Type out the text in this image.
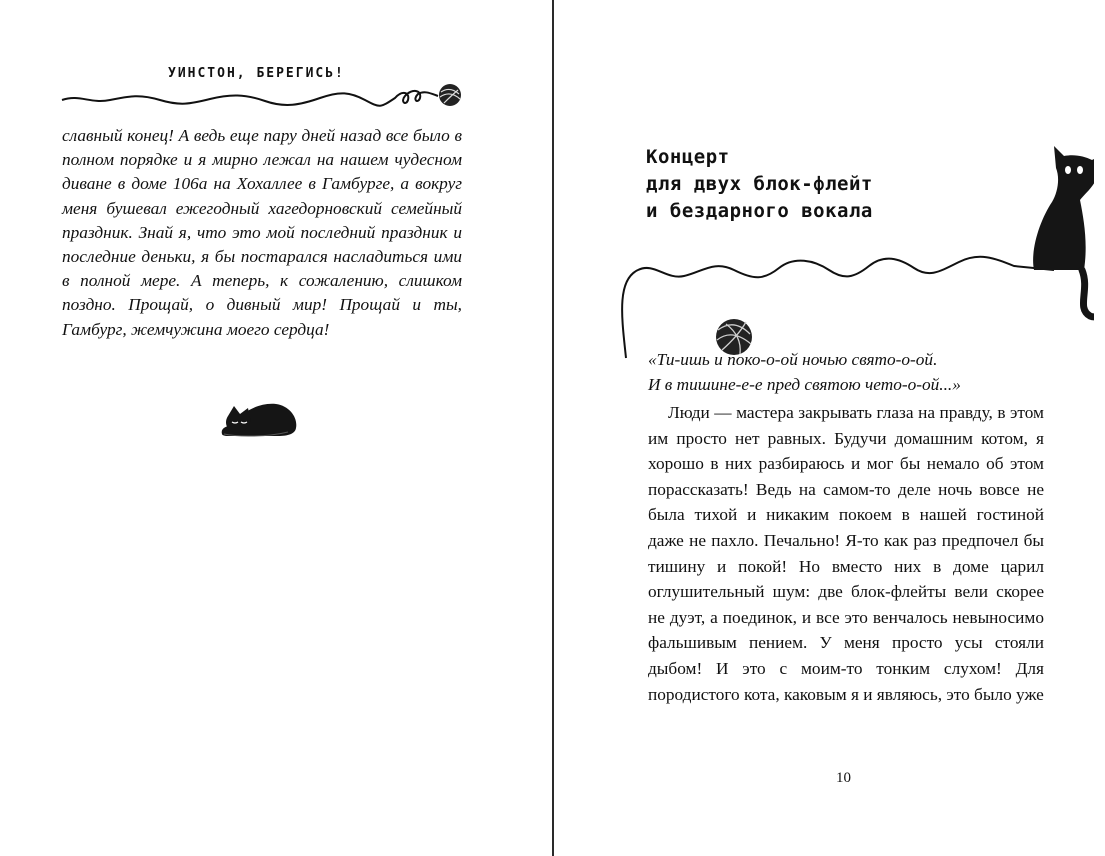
УИНСТОН, БЕРЕГИСЬ!

славный конец! А ведь еще пару дней назад все было в полном порядке и я мирно лежал на нашем чудесном диване в доме 106а на Хохаллее в Гамбурге, а вокруг меня бушевал ежегодный хагедорновский семейный праздник. Знай я, что это мой последний праздник и последние деньки, я бы постарался насладиться ими в полной мере. А теперь, к сожалению, слишком поздно. Прощай, о дивный мир! Прощай и ты, Гамбург, жемчужина моего сердца!

Концерт
для двух блок-флейт
и бездарного вокала
«Ти-ишь и поко-о-ой ночью свято-о-ой.
И в тишине-е-е пред святою чето-о-ой...»

Люди — мастера закрывать глаза на правду, в этом им просто нет равных. Будучи домашним котом, я хорошо в них разбираюсь и мог бы немало об этом порассказать! Ведь на самом-то деле ночь вовсе не была тихой и никаким покоем в нашей гостиной даже не пахло. Печально! Я-то как раз предпочел бы тишину и покой! Но вместо них в доме царил оглушительный шум: две блок-флейты вели скорее не дуэт, а поединок, и все это венчалось невыносимо фальшивым пением. У меня просто усы стояли дыбом! И это с моим-то тонким слухом! Для породистого кота, каковым я и являюсь, это было уже

10
